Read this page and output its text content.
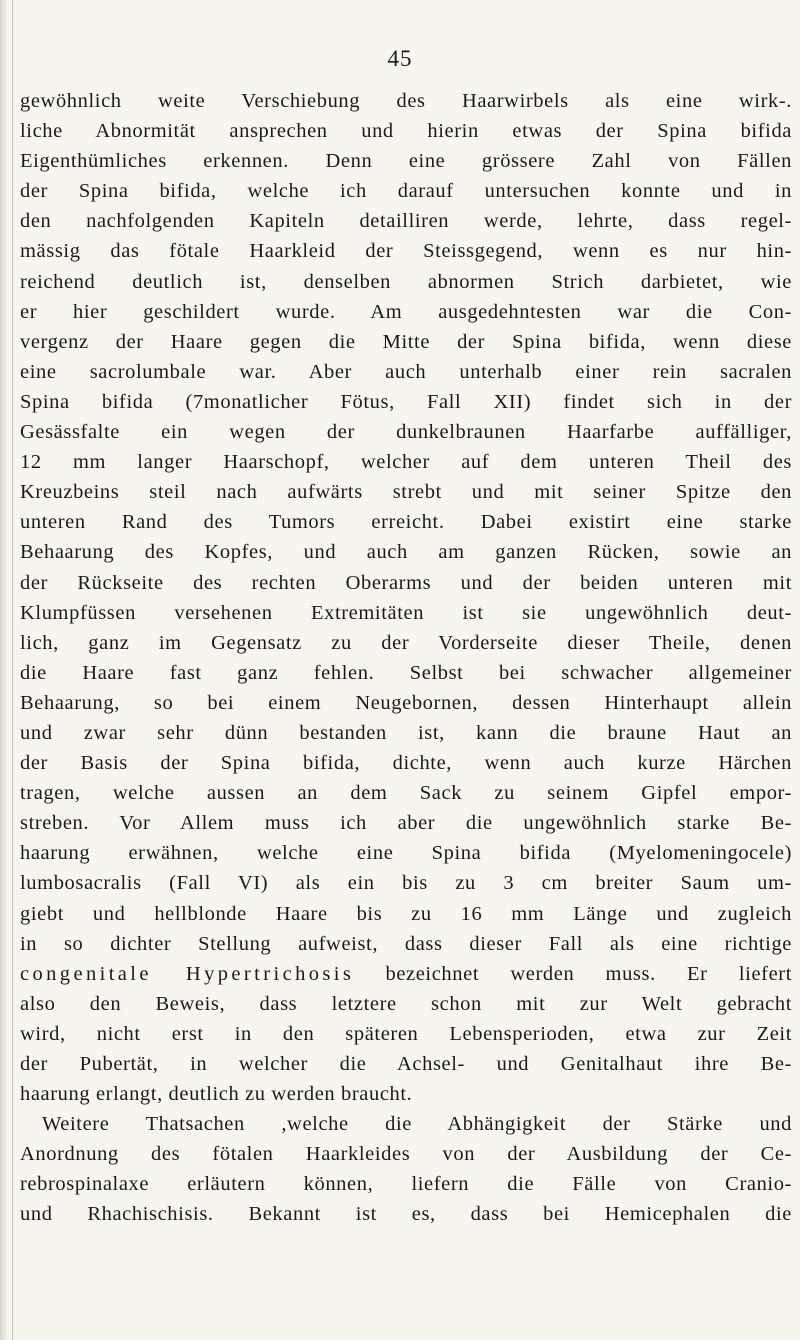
45
gewöhnlich weite Verschiebung des Haarwirbels als eine wirk-.
liche Abnormität ansprechen und hierin etwas der Spina bifida
Eigenthümliches erkennen. Denn eine grössere Zahl von Fällen
der Spina bifida, welche ich darauf untersuchen konnte und in
den nachfolgenden Kapiteln detailliren werde, lehrte, dass regel-
mässig das fötale Haarkleid der Steissgegend, wenn es nur hin-
reichend deutlich ist, denselben abnormen Strich darbietet, wie
er hier geschildert wurde. Am ausgedehntesten war die Con-
vergenz der Haare gegen die Mitte der Spina bifida, wenn diese
eine sacrolumbale war. Aber auch unterhalb einer rein sacralen
Spina bifida (7monatlicher Fötus, Fall XII) findet sich in der
Gesässfalte ein wegen der dunkelbraunen Haarfarbe auffälliger,
12 mm langer Haarschopf, welcher auf dem unteren Theil des
Kreuzbeins steil nach aufwärts strebt und mit seiner Spitze den
unteren Rand des Tumors erreicht. Dabei existirt eine starke
Behaarung des Kopfes, und auch am ganzen Rücken, sowie an
der Rückseite des rechten Oberarms und der beiden unteren mit
Klumpfüssen versehenen Extremitäten ist sie ungewöhnlich deut-
lich, ganz im Gegensatz zu der Vorderseite dieser Theile, denen
die Haare fast ganz fehlen. Selbst bei schwacher allgemeiner
Behaarung, so bei einem Neugebornen, dessen Hinterhaupt allein
und zwar sehr dünn bestanden ist, kann die braune Haut an
der Basis der Spina bifida, dichte, wenn auch kurze Härchen
tragen, welche aussen an dem Sack zu seinem Gipfel empor-
streben. Vor Allem muss ich aber die ungewöhnlich starke Be-
haarung erwähnen, welche eine Spina bifida (Myelomeningocele)
lumbosacralis (Fall VI) als ein bis zu 3 cm breiter Saum um-
giebt und hellblonde Haare bis zu 16 mm Länge und zugleich
in so dichter Stellung aufweist, dass dieser Fall als eine richtige
congenitale Hypertrichosis bezeichnet werden muss. Er liefert
also den Beweis, dass letztere schon mit zur Welt gebracht
wird, nicht erst in den späteren Lebensperioden, etwa zur Zeit
der Pubertät, in welcher die Achsel- und Genitalhaut ihre Be-
haarung erlangt, deutlich zu werden braucht.
Weitere Thatsachen ,welche die Abhängigkeit der Stärke und
Anordnung des fötalen Haarkleides von der Ausbildung der Ce-
rebrospinalaxe erläutern können, liefern die Fälle von Cranio-
und Rhachischisis. Bekannt ist es, dass bei Hemicephalen die
